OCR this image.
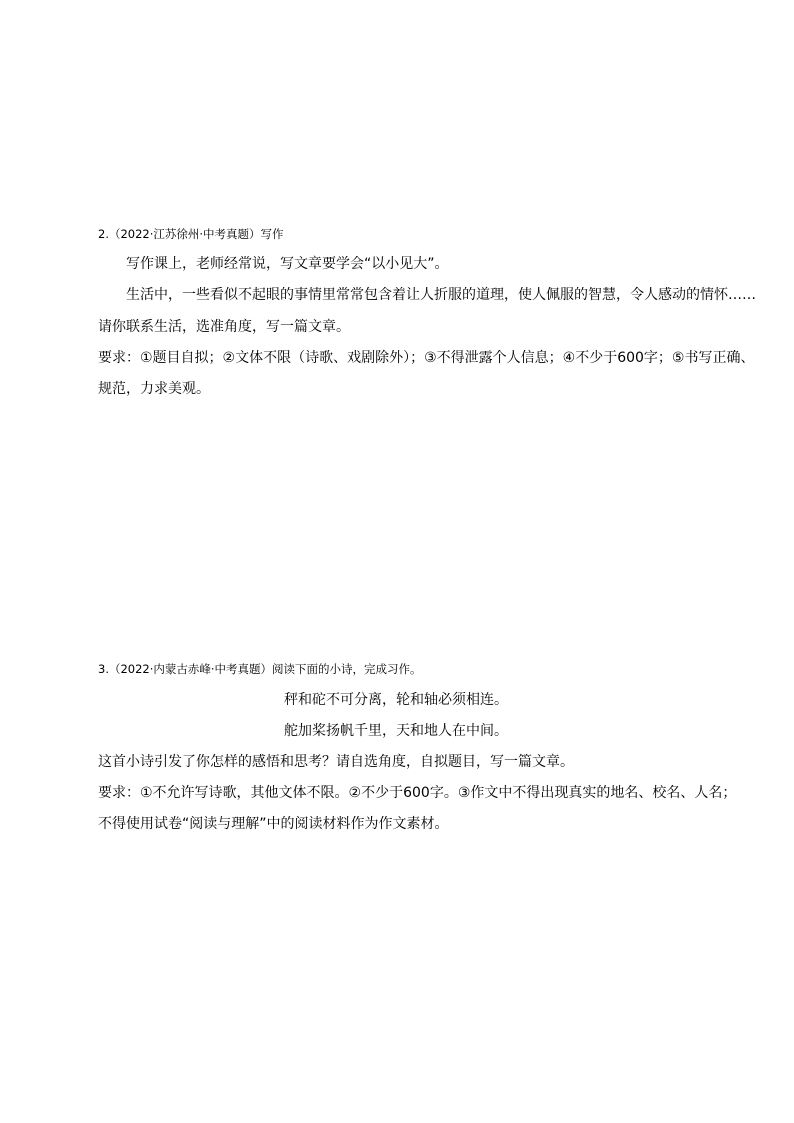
2.（2022·江苏徐州·中考真题）写作
写作课上，老师经常说，写文章要学会“以小见大”。
生活中，一些看似不起眼的事情里常常包含着让人折服的道理，使人佩服的智慧，令人感动的情怀……
请你联系生活，选准角度，写一篇文章。
要求：①题目自拟；②文体不限（诗歌、戏剧除外）；③不得泄露个人信息；④不少于600字；⑤书写正确、
规范，力求美观。
3.（2022·内蒙古赤峰·中考真题）阅读下面的小诗，完成习作。
秤和砣不可分离，轮和轴必须相连。
舵加桨扬帆千里，天和地人在中间。
这首小诗引发了你怎样的感悟和思考？请自选角度，自拟题目，写一篇文章。
要求：①不允许写诗歌，其他文体不限。②不少于600字。③作文中不得出现真实的地名、校名、人名；
不得使用试卷“阅读与理解”中的阅读材料作为作文素材。
